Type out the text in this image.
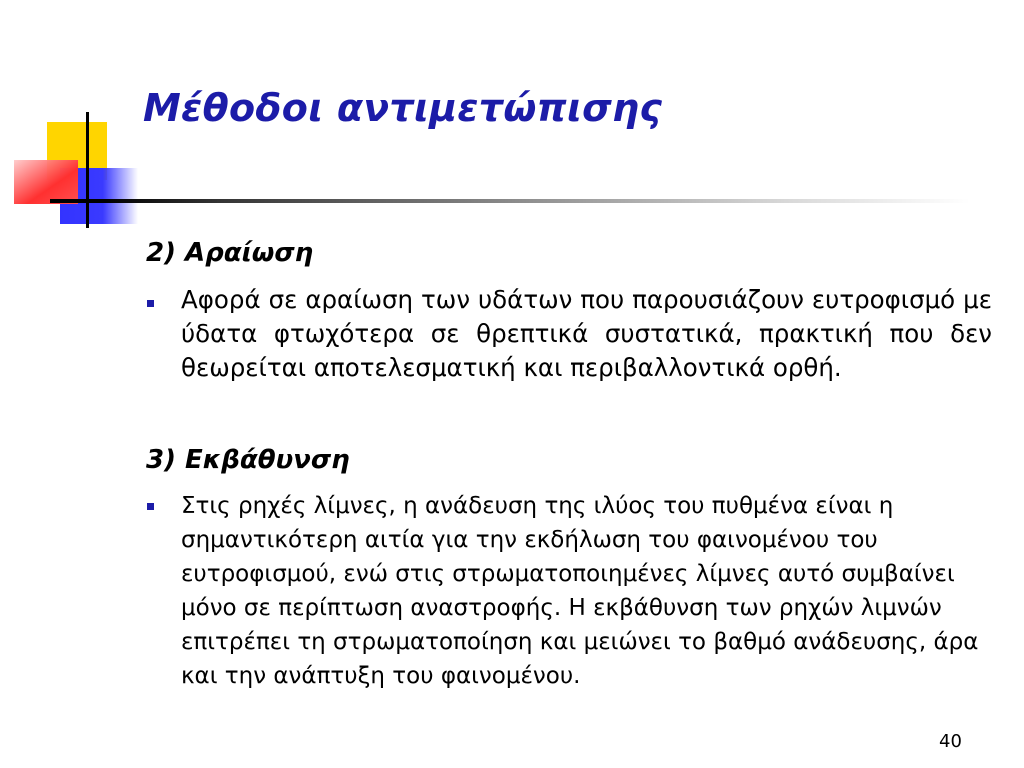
Μέθοδοι αντιμετώπισης
2) Αραίωση
Αφορά σε αραίωση των υδάτων που παρουσιάζουν ευτροφισμό με ύδατα φτωχότερα σε θρεπτικά συστατικά, πρακτική που δεν θεωρείται αποτελεσματική και περιβαλλοντικά ορθή.
3) Εκβάθυνση
Στις ρηχές λίμνες, η ανάδευση της ιλύος του πυθμένα είναι η σημαντικότερη αιτία για την εκδήλωση του φαινομένου του ευτροφισμού, ενώ στις στρωματοποιημένες λίμνες αυτό συμβαίνει μόνο σε περίπτωση αναστροφής. Η εκβάθυνση των ρηχών λιμνών επιτρέπει τη στρωματοποίηση και μειώνει το βαθμό ανάδευσης, άρα και την ανάπτυξη του φαινομένου.
40
